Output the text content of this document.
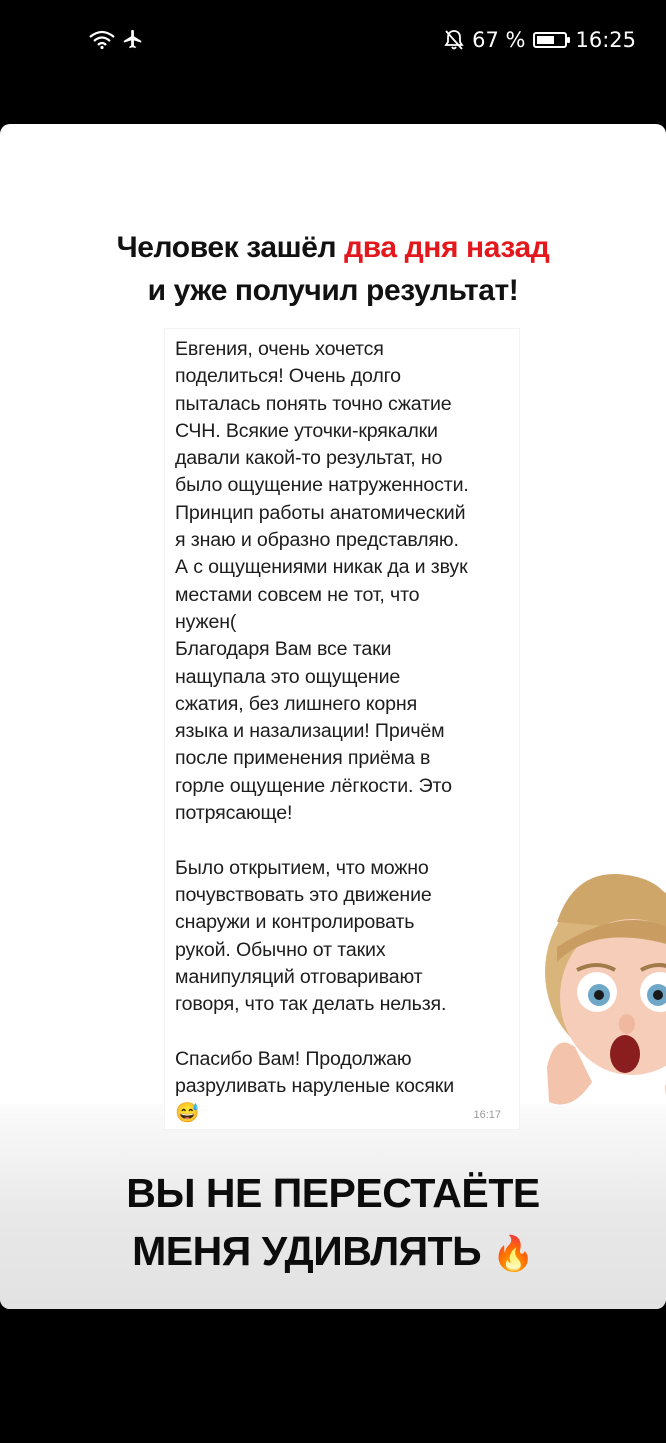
67 % 16:25
Человек зашёл два дня назад
и уже получил результат!
Евгения, очень хочется
поделиться! Очень долго
пыталась понять точно сжатие
СЧН. Всякие уточки-крякалки
давали какой-то результат, но
было ощущение натруженности.
Принцип работы анатомический
я знаю и образно представляю.
А с ощущениями никак да и звук
местами совсем не тот, что
нужен(
Благодаря Вам все таки
нащупала это ощущение
сжатия, без лишнего корня
языка и назализации! Причём
после применения приёма в
горле ощущение лёгкости. Это
потрясающе!

Было открытием, что можно
почувствовать это движение
снаружи и контролировать
рукой. Обычно от таких
манипуляций отговаривают
говоря, что так делать нельзя.

Спасибо Вам! Продолжаю
разруливать наруленые косяки
😅	16:17
ВЫ НЕ ПЕРЕСТАЁТЕ
МЕНЯ УДИВЛЯТЬ 🔥
